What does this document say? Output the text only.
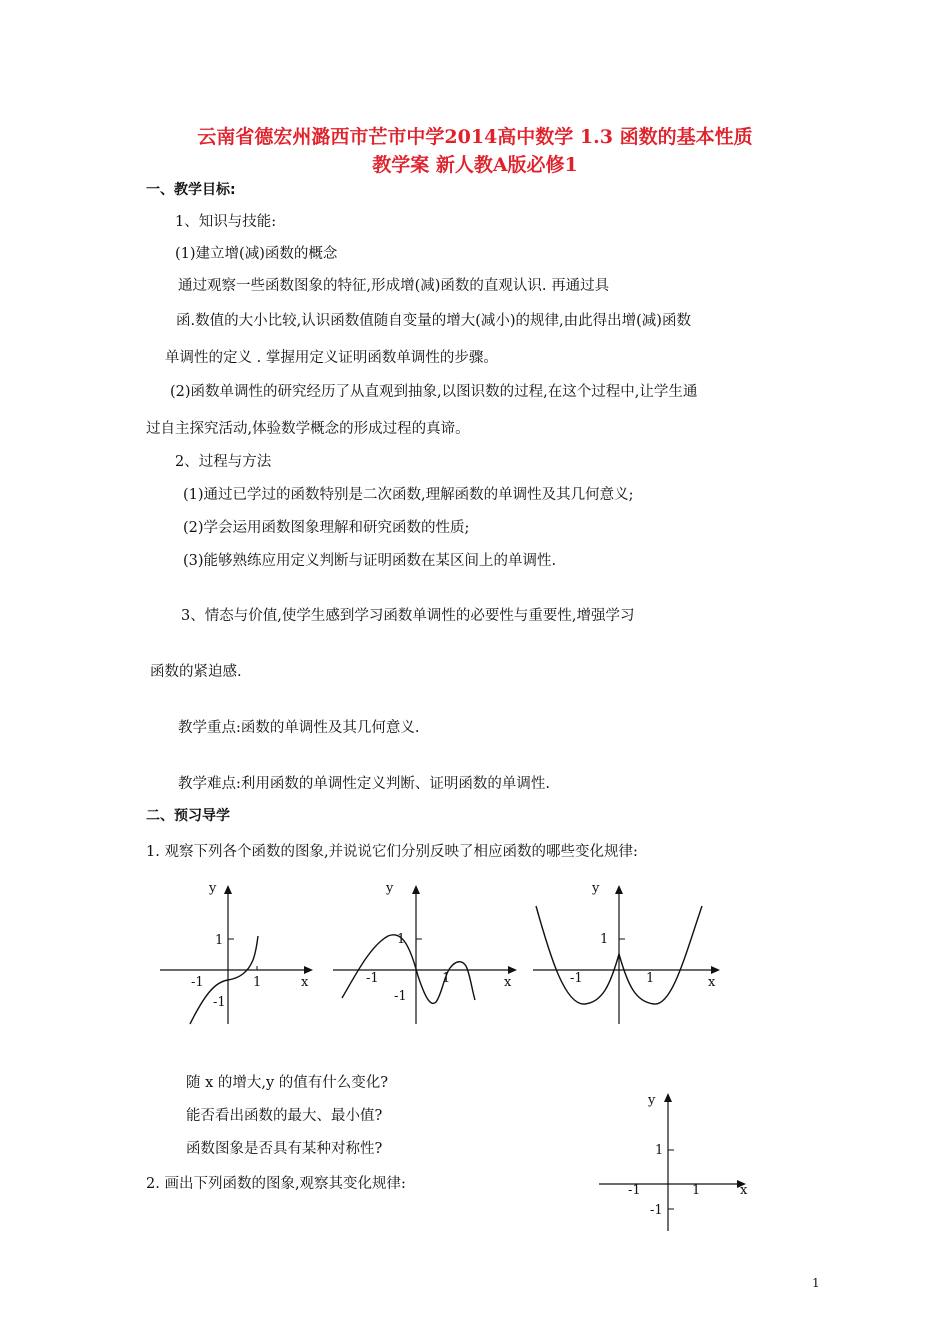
云南省德宏州潞西市芒市中学2014高中数学 1.3 函数的基本性质
教学案 新人教A版必修1
一、教学目标:
1、知识与技能:
(1)建立增(减)函数的概念
通过观察一些函数图象的特征,形成增(减)函数的直观认识. 再通过具
函.数值的大小比较,认识函数值随自变量的增大(减小)的规律,由此得出增(减)函数
单调性的定义 . 掌握用定义证明函数单调性的步骤。
(2)函数单调性的研究经历了从直观到抽象,以图识数的过程,在这个过程中,让学生通
过自主探究活动,体验数学概念的形成过程的真谛。
2、过程与方法
(1)通过已学过的函数特别是二次函数,理解函数的单调性及其几何意义;
(2)学会运用函数图象理解和研究函数的性质;
(3)能够熟练应用定义判断与证明函数在某区间上的单调性.
3、情态与价值,使学生感到学习函数单调性的必要性与重要性,增强学习
函数的紧迫感.
教学重点:函数的单调性及其几何意义.
教学难点:利用函数的单调性定义判断、证明函数的单调性.
二、预习导学
1. 观察下列各个函数的图象,并说说它们分别反映了相应函数的哪些变化规律:
y
1
-1	1	x
-1
y
1
-1	1	x
-1
y
1
-1	1	x
随 x 的增大,y 的值有什么变化?
能否看出函数的最大、最小值?
函数图象是否具有某种对称性?
2. 画出下列函数的图象,观察其变化规律:
y
1
-1	1	x
-1
1
